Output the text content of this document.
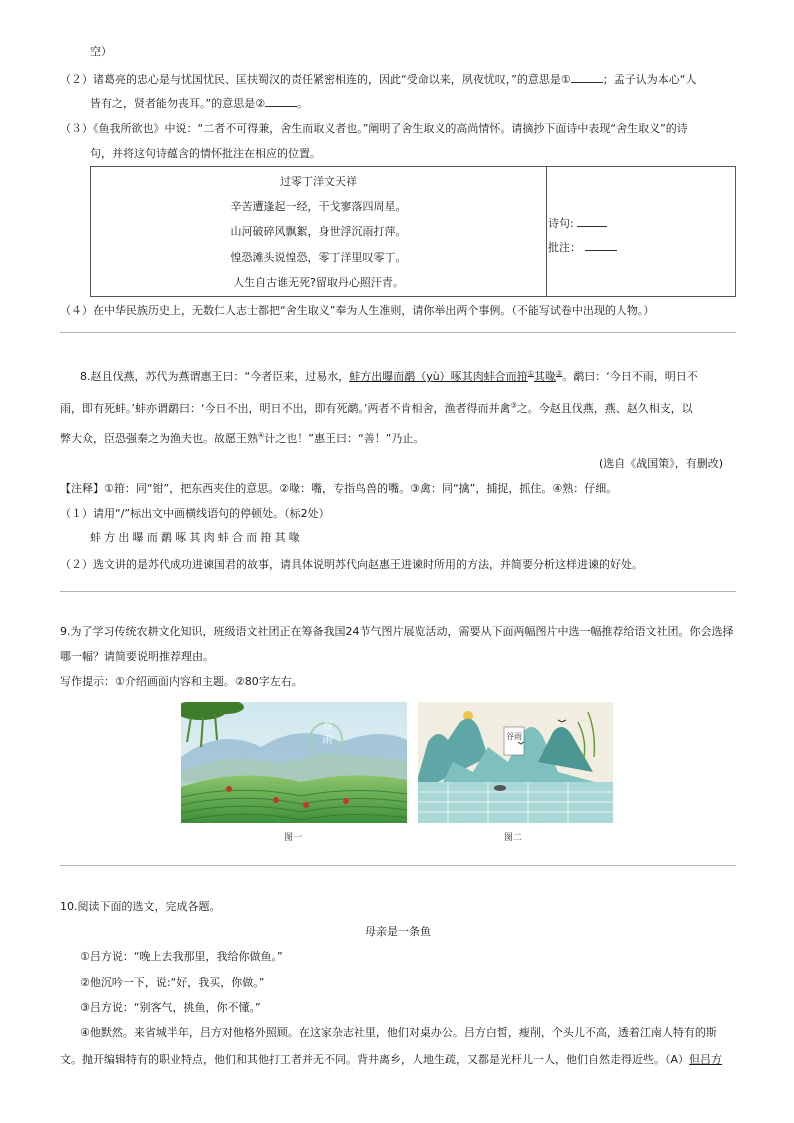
空）
（２）诸葛亮的忠心是与忧国忧民、匡扶蜀汉的责任紧密相连的，因此“受命以来，夙夜忧叹，”的意思是①	；孟子认为本心“人
皆有之，贤者能勿丧耳。”的意思是②	。
（３）《鱼我所欲也》中说：“二者不可得兼，舍生而取义者也。”阐明了舍生取义的高尚情怀。请摘抄下面诗中表现“舍生取义”的诗
句，并将这句诗蕴含的情怀批注在相应的位置。
过零丁洋文天祥
辛苦遭逢起一经，干戈寥落四周星。
山河破碎风飘絮，身世浮沉雨打萍。
惶恐滩头说惶恐，零丁洋里叹零丁。
人生自古谁无死?留取丹心照汗青。
诗句:
批注：
（４）在中华民族历史上，无数仁人志士都把“舍生取义”奉为人生准则，请你举出两个事例。（不能写试卷中出现的人物。）
8.赵且伐燕，苏代为燕谓惠王曰：“今者臣来，过易水，蚌方出曝而鹬（yù）啄其肉蚌合而箝①其喙②。鹬曰：‘今日不雨，明日不
雨，即有死蚌。’蚌亦谓鹬曰：‘今日不出，明日不出，即有死鹬。’两者不肯相舍，渔者得而并禽③之。今赵且伐燕，燕、赵久相支，以
弊大众，臣恐强秦之为渔夫也。故愿王熟④计之也！”惠王曰：“善！”乃止。
(选自《战国策》，有删改)
【注释】①箝：同“钳”，把东西夹住的意思。②喙：嘴，专指鸟兽的嘴。③禽：同“擒”，捕捉，抓住。④熟：仔细。
（１）请用“/”标出文中画横线语句的停顿处。（标2处）
蚌方出曝而鹬啄其肉蚌合而箝其喙
（２）选文讲的是苏代成功进谏国君的故事，请具体说明苏代向赵惠王进谏时所用的方法，并简要分析这样进谏的好处。
9.为了学习传统农耕文化知识，班级语文社团正在筹备我国24节气图片展览活动，需要从下面两幅图片中选一幅推荐给语文社团。你会选择
哪一幅？请简要说明推荐理由。
写作提示：①介绍画面内容和主题。②80字左右。
谷雨
图一
谷雨
图二
10.阅读下面的选文，完成各题。
母亲是一条鱼
①吕方说：“晚上去我那里，我给你做鱼。”
②他沉吟一下，说:“好，我买，你做。”
③吕方说：“别客气，挑鱼，你不懂。”
④他默然。来省城半年，吕方对他格外照顾。在这家杂志社里，他们对桌办公。吕方白皙，瘦削，个头儿不高，透着江南人特有的斯
文。抛开编辑特有的职业特点，他们和其他打工者并无不同。背井离乡，人地生疏，又都是光杆儿一人，他们自然走得近些。（A）但吕方
